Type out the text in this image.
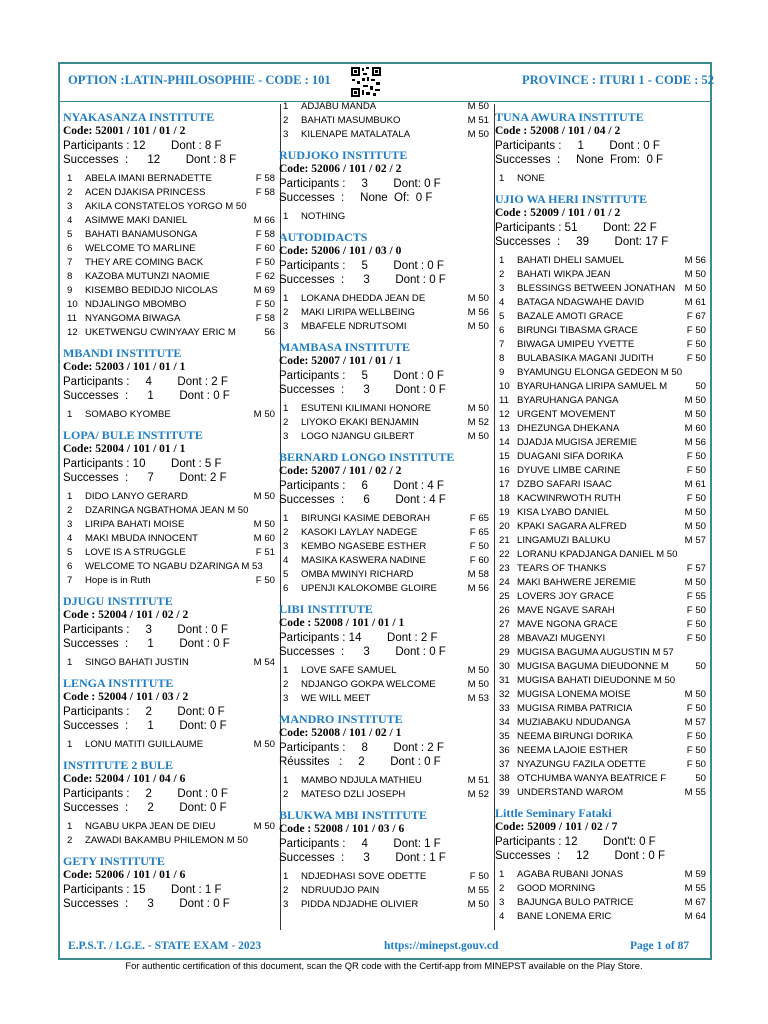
OPTION :LATIN-PHILOSOPHIE - CODE : 101	PROVINCE : ITURI 1 - CODE : 52
NYAKASANZA INSTITUTE
Code: 52001 / 101 / 01 / 2
Participants : 12        Dont : 8 F
Successes  :      12        Dont : 8 F
1 ABELA IMANI BERNADETTE	F 58
2 ACEN DJAKISA PRINCESS	F 58
3 AKILA CONSTATELOS YORGO M 50
4 ASIMWE MAKI DANIEL	M 66
5 BAHATI BANAMUSONGA	F 58
6 WELCOME TO MARLINE	F 60
7 THEY ARE COMING BACK	F 50
8 KAZOBA MUTUNZI NAOMIE	F 62
9 KISEMBO BEDIDJO NICOLAS	M 69
10 NDJALINGO MBOMBO	F 50
11 NYANGOMA BIWAGA	F 58
12 UKETWENGU CWINYAAY ERIC M	56
MBANDI INSTITUTE
Code: 52003 / 101 / 01 / 1
Participants :     4        Dont : 2 F
Successes  :      1        Dont : 0 F
1 SOMABO KYOMBE	M 50
LOPA/ BULE INSTITUTE
Code: 52004 / 101 / 01 / 1
Participants : 10        Dont : 5 F
Successes  :      7        Dont: 2 F
1 DIDO LANYO GERARD	M 50
2 DZARINGA NGBATHOMA JEAN M 50
3 LIRIPA BAHATI MOISE	M 50
4 MAKI MBUDA INNOCENT	M 60
5 LOVE IS A STRUGGLE	F 51
6 WELCOME TO NGABU DZARINGA M 53
7 Hope is in Ruth	F 50
DJUGU INSTITUTE
Code : 52004 / 101 / 02 / 2
Participants :     3        Dont : 0 F
Successes  :      1        Dont : 0 F
1 SINGO BAHATI JUSTIN	M 54
LENGA INSTITUTE
Code : 52004 / 101 / 03 / 2
Participants :     2        Dont: 0 F
Successes  :      1        Dont: 0 F
1 LONU MATITI GUILLAUME	M 50
INSTITUTE 2 BULE
Code: 52004 / 101 / 04 / 6
Participants :     2        Dont : 0 F
Successes  :      2        Dont: 0 F
1 NGABU UKPA JEAN DE DIEU	M 50
2 ZAWADI BAKAMBU PHILEMON M 50
GETY INSTITUTE
Code: 52006 / 101 / 01 / 6
Participants : 15        Dont : 1 F
Successes  :      3        Dont : 0 F
1 ADJABU MANDA	M 50
2 BAHATI MASUMBUKO	M 51
3 KILENAPE MATALATALA	M 50
RUDJOKO INSTITUTE
Code: 52006 / 101 / 02 / 2
Participants :     3        Dont: 0 F
Successes  :     None  Of:  0 F
1 NOTHING
AUTODIDACTS
Code: 52006 / 101 / 03 / 0
Participants :     5        Dont : 0 F
Successes  :      3        Dont : 0 F
1 LOKANA DHEDDA JEAN DE	M 50
2 MAKI LIRIPA WELLBEING	M 56
3 MBAFELE NDRUTSOMI	M 50
MAMBASA INSTITUTE
Code: 52007 / 101 / 01 / 1
Participants :     5        Dont : 0 F
Successes  :      3        Dont : 0 F
1 ESUTENI KILIMANI HONORE	M 50
2 LIYOKO EKAKI BENJAMIN	M 52
3 LOGO NJANGU GILBERT	M 50
BERNARD LONGO INSTITUTE
Code: 52007 / 101 / 02 / 2
Participants :     6        Dont : 4 F
Successes  :      6        Dont : 4 F
1 BIRUNGI KASIME DEBORAH	F 65
2 KASOKI LAYLAY NADEGE	F 65
3 KEMBO NGASEBE ESTHER	F 50
4 MASIKA KASWERA NADINE	F 60
5 OMBA MWINYI RICHARD	M 58
6 UPENJI KALOKOMBE GLOIRE	M 56
LIBI INSTITUTE
Code : 52008 / 101 / 01 / 1
Participants : 14        Dont : 2 F
Successes  :      3        Dont : 0 F
1 LOVE SAFE SAMUEL	M 50
2 NDJANGO GOKPA WELCOME	M 50
3 WE WILL MEET	M 53
MANDRO INSTITUTE
Code: 52008 / 101 / 02 / 1
Participants :     8        Dont : 2 F
Réussites   :     2        Dont : 0 F
1 MAMBO NDJULA MATHIEU	M 51
2 MATESO DZLI JOSEPH	M 52
BLUKWA MBI INSTITUTE
Code : 52008 / 101 / 03 / 6
Participants :     4        Dont: 1 F
Successes  :      3        Dont : 1 F
1 NDJEDHASI SOVE ODETTE	F 50
2 NDRUUDJO PAIN	M 55
3 PIDDA NDJADHE OLIVIER	M 50
TUNA AWURA INSTITUTE
Code : 52008 / 101 / 04 / 2
Participants :     1        Dont : 0 F
Successes  :     None  From:  0 F
1 NONE
UJIO WA HERI INSTITUTE
Code : 52009 / 101 / 01 / 2
Participants : 51        Dont: 22 F
Successes  :     39        Dont: 17 F
1 BAHATI DHELI SAMUEL	M 56
2 BAHATI WIKPA JEAN	M 50
3 BLESSINGS BETWEEN JONATHAN M 50
4 BATAGA NDAGWAHE DAVID	M 61
5 BAZALE AMOTI GRACE	F 67
6 BIRUNGI TIBASMA GRACE	F 50
7 BIWAGA UMIPEU YVETTE	F 50
8 BULABASIKA MAGANI JUDITH	F 50
9 BYAMUNGU ELONGA GEDEON M 50
10 BYARUHANGA LIRIPA SAMUEL M	50
11 BYARUHANGA PANGA	M 50
12 URGENT MOVEMENT	M 50
13 DHEZUNGA DHEKANA	M 60
14 DJADJA MUGISA JEREMIE	M 56
15 DUAGANI SIFA DORIKA	F 50
16 DYUVE LIMBE CARINE	F 50
17 DZBO SAFARI ISAAC	M 61
18 KACWINRWOTH RUTH	F 50
19 KISA LYABO DANIEL	M 50
20 KPAKI SAGARA ALFRED	M 50
21 LINGAMUZI BALUKU	M 57
22 LORANU KPADJANGA DANIEL M 50
23 TEARS OF THANKS	F 57
24 MAKI BAHWERE JEREMIE	M 50
25 LOVERS JOY GRACE	F 55
26 MAVE NGAVE SARAH	F 50
27 MAVE NGONA GRACE	F 50
28 MBAVAZI MUGENYI	F 50
29 MUGISA BAGUMA AUGUSTIN M 57
30 MUGISA BAGUMA DIEUDONNE M	50
31 MUGISA BAHATI DIEUDONNE M 50
32 MUGISA LONEMA MOISE	M 50
33 MUGISA RIMBA PATRICIA	F 50
34 MUZIABAKU NDUDANGA	M 57
35 NEEMA BIRUNGI DORIKA	F 50
36 NEEMA LAJOIE ESTHER	F 50
37 NYAZUNGU FAZILA ODETTE	F 50
38 OTCHUMBA WANYA BEATRICE F	50
39 UNDERSTAND WAROM	M 55
Little Seminary Fataki
Code: 52009 / 101 / 02 / 7
Participants : 12        Dont't: 0 F
Successes  :     12        Dont : 0 F
1 AGABA RUBANI JONAS	M 59
2 GOOD MORNING	M 55
3 BAJUNGA BULO PATRICE	M 67
4 BANE LONEMA ERIC	M 64
E.P.S.T. / I.G.E. - STATE EXAM - 2023	https://minepst.gouv.cd	Page 1 of 87
For authentic certification of this document, scan the QR code with the Certif-app from MINEPST available on the Play Store.
